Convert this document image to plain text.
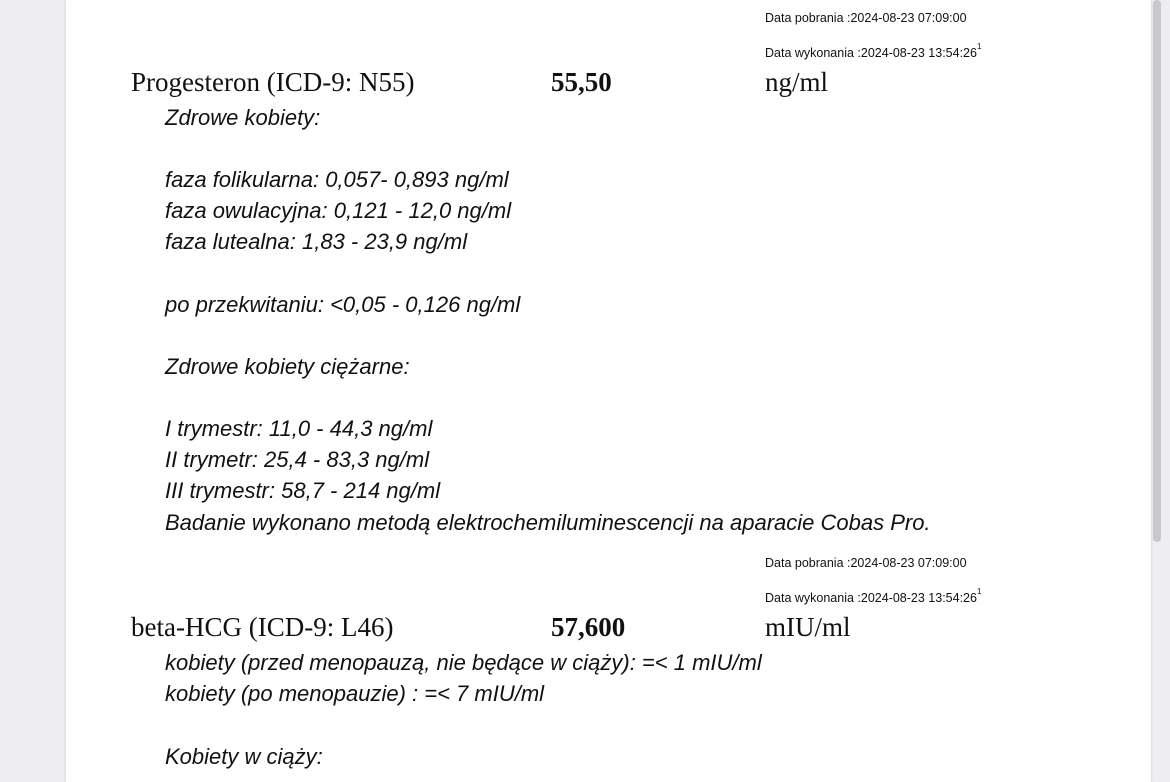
Data pobrania :2024-08-23 07:09:00
Data wykonania :2024-08-23 $13:54:26^1$
Progesteron (ICD-9: N55)	55,50	ng/ml
Zdrowe kobiety:
faza folikularna: 0,057- 0,893 ng/ml
faza owulacyjna: 0,121 - 12,0 ng/ml
faza lutealna: 1,83 - 23,9 ng/ml
po przekwitaniu: <0,05 - 0,126 ng/ml
Zdrowe kobiety ciężarne:
I trymestr: 11,0 - 44,3 ng/ml
II trymetr: 25,4 - 83,3 ng/ml
III trymestr: 58,7 - 214 ng/ml
Badanie wykonano metodą elektrochemiluminescencji na aparacie Cobas Pro.
Data pobrania :2024-08-23 07:09:00
Data wykonania :2024-08-23 $13:54:26^1$
beta-HCG (ICD-9: L46)	57,600	mIU/ml
kobiety (przed menopauzą, nie będące w ciąży): =< 1 mIU/ml
kobiety (po menopauzie) : =< 7 mIU/ml
Kobiety w ciąży:
